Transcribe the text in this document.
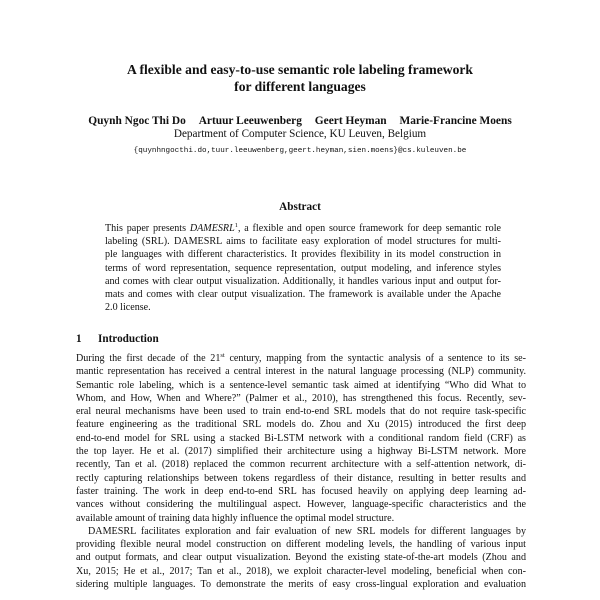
A flexible and easy-to-use semantic role labeling framework
for different languages
Quynh Ngoc Thi Do Artuur Leeuwenberg Geert Heyman Marie-Francine Moens
Department of Computer Science, KU Leuven, Belgium
{quynhngocthi.do,tuur.leeuwenberg,geert.heyman,sien.moens}@cs.kuleuven.be
Abstract
This paper presents DAMESRL$^1$, a flexible and open source framework for deep semantic role
labeling (SRL). DAMESRL aims to facilitate easy exploration of model structures for multi-
ple languages with different characteristics. It provides flexibility in its model construction in
terms of word representation, sequence representation, output modeling, and inference styles
and comes with clear output visualization. Additionally, it handles various input and output for-
mats and comes with clear output visualization. The framework is available under the Apache
2.0 license.
1 Introduction
During the first decade of the 21st century, mapping from the syntactic analysis of a sentence to its se-
mantic representation has received a central interest in the natural language processing (NLP) community.
Semantic role labeling, which is a sentence-level semantic task aimed at identifying “Who did What to
Whom, and How, When and Where?” (Palmer et al., 2010), has strengthened this focus. Recently, sev-
eral neural mechanisms have been used to train end-to-end SRL models that do not require task-specific
feature engineering as the traditional SRL models do. Zhou and Xu (2015) introduced the first deep
end-to-end model for SRL using a stacked Bi-LSTM network with a conditional random field (CRF) as
the top layer. He et al. (2017) simplified their architecture using a highway Bi-LSTM network. More
recently, Tan et al. (2018) replaced the common recurrent architecture with a self-attention network, di-
rectly capturing relationships between tokens regardless of their distance, resulting in better results and
faster training. The work in deep end-to-end SRL has focused heavily on applying deep learning ad-
vances without considering the multilingual aspect. However, language-specific characteristics and the
available amount of training data highly influence the optimal model structure.
DAMESRL facilitates exploration and fair evaluation of new SRL models for different languages by
providing flexible neural model construction on different modeling levels, the handling of various input
and output formats, and clear output visualization. Beyond the existing state-of-the-art models (Zhou and
Xu, 2015; He et al., 2017; Tan et al., 2018), we exploit character-level modeling, beneficial when con-
sidering multiple languages. To demonstrate the merits of easy cross-lingual exploration and evaluation
